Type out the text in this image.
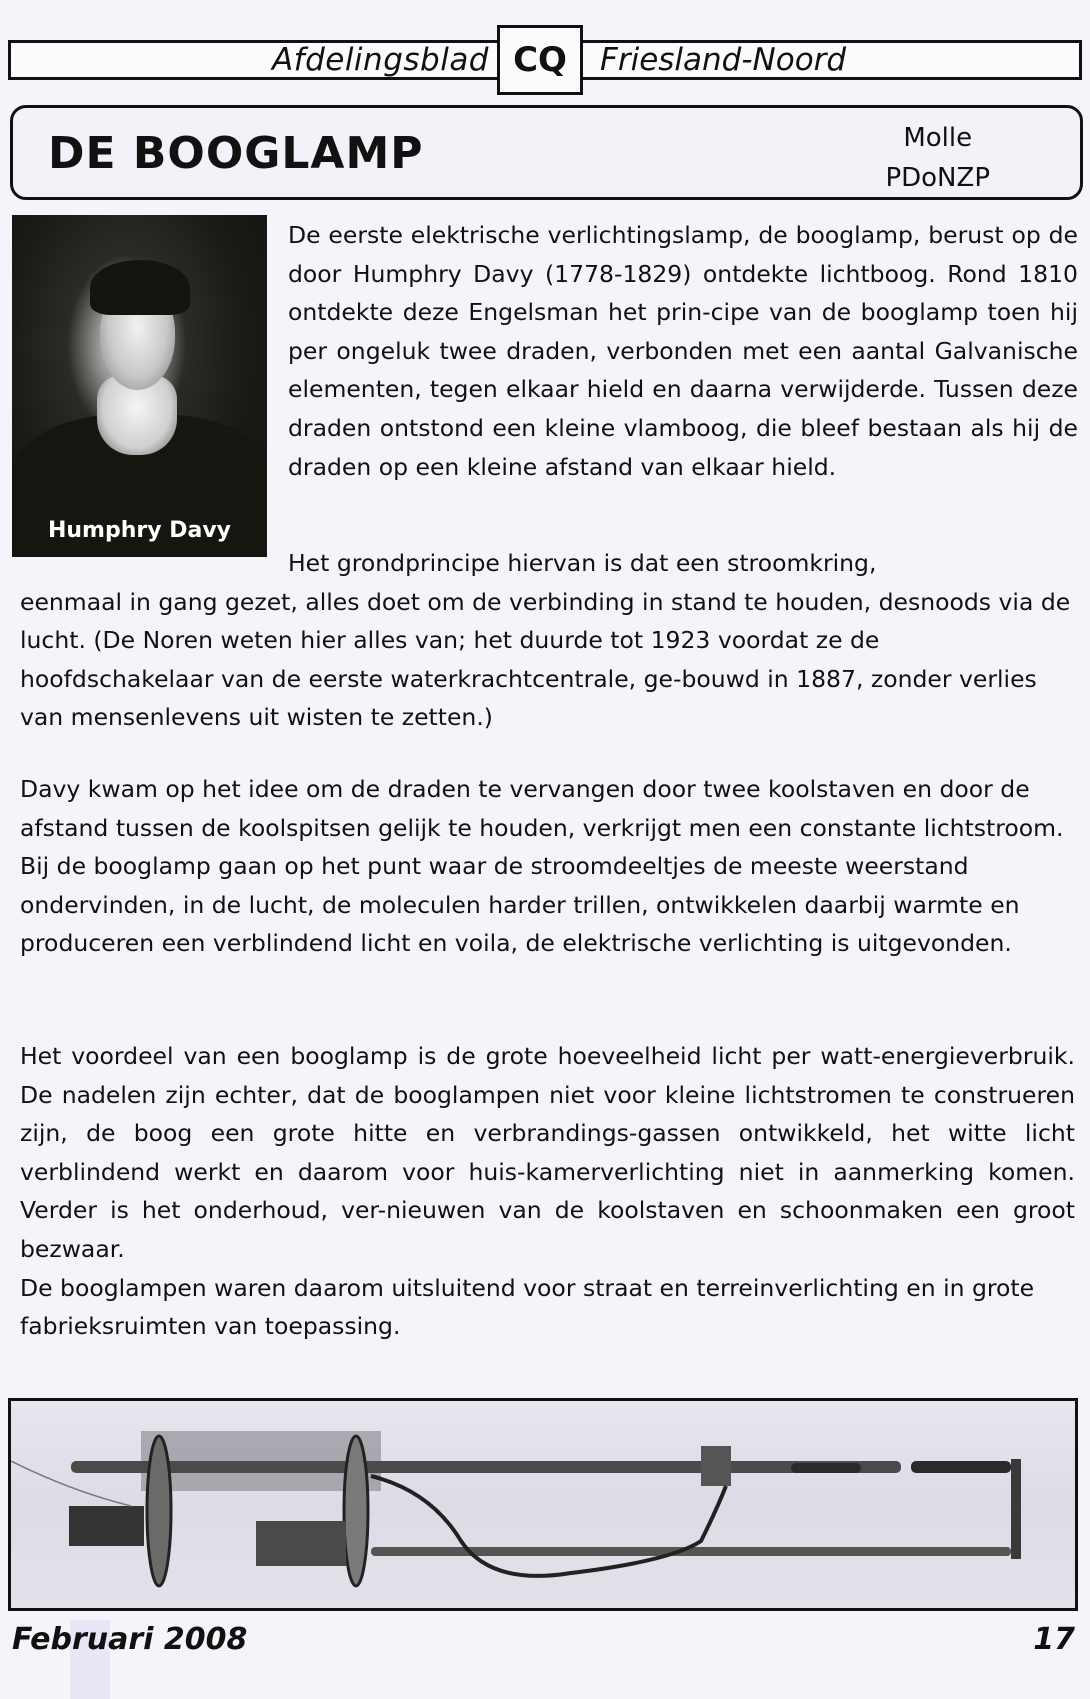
Afdelingsblad CQ	Friesland-Noord
DE BOOGLAMP	Molle
PDoNZP
Humphry Davy

De eerste elektrische verlichtingslamp, de booglamp, berust op de door Humphry Davy (1778-1829) ontdekte lichtboog. Rond 1810 ontdekte deze Engelsman het prin-cipe van de booglamp toen hij per ongeluk twee draden, verbonden met een aantal Galvanische elementen, tegen elkaar hield en daarna verwijderde. Tussen deze draden ontstond een kleine vlamboog, die bleef bestaan als hij de draden op een kleine afstand van elkaar hield.

Het grondprincipe hiervan is dat een stroomkring,
eenmaal in gang gezet, alles doet om de verbinding in stand te houden, desnoods via de lucht. (De Noren weten hier alles van; het duurde tot 1923 voordat ze de hoofdschakelaar van de eerste waterkrachtcentrale, ge-bouwd in 1887, zonder verlies van mensenlevens uit wisten te zetten.)

Davy kwam op het idee om de draden te vervangen door twee koolstaven en door de afstand tussen de koolspitsen gelijk te houden, verkrijgt men een constante lichtstroom. Bij de booglamp gaan op het punt waar de stroomdeeltjes de meeste weerstand ondervinden, in de lucht, de moleculen harder trillen, ontwikkelen daarbij warmte en produceren een verblindend licht en voila, de elektrische verlichting is uitgevonden.

Het voordeel van een booglamp is de grote hoeveelheid licht per watt-energieverbruik. De nadelen zijn echter, dat de booglampen niet voor kleine lichtstromen te construeren zijn, de boog een grote hitte en verbrandings-gassen ontwikkeld, het witte licht verblindend werkt en daarom voor huis-kamerverlichting niet in aanmerking komen. Verder is het onderhoud, ver-nieuwen van de koolstaven en schoonmaken een groot bezwaar.

De booglampen waren daarom uitsluitend voor straat en terreinverlichting en in grote fabrieksruimten van toepassing.

Februari 2008	17
